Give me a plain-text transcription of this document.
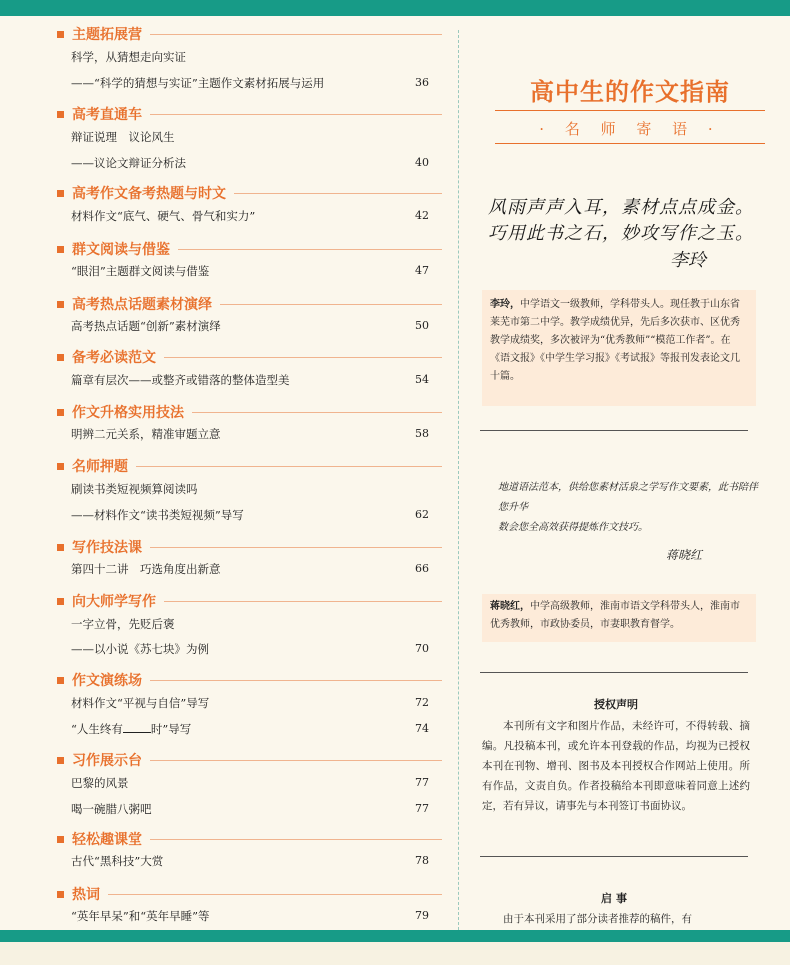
主题拓展营
科学，从猜想走向实证
——“科学的猜想与实证”主题作文素材拓展与运用	36
高考直通车
辩证说理　议论风生
——议论文辩证分析法	40
高考作文备考热题与时文
材料作文“底气、硬气、骨气和实力”	42
群文阅读与借鉴
“眼泪”主题群文阅读与借鉴	47
高考热点话题素材演绎
高考热点话题“创新”素材演绎	50
备考必读范文
篇章有层次——或整齐或错落的整体造型美	54
作文升格实用技法
明辨二元关系，精准审题立意	58
名师押题
刷读书类短视频算阅读吗
——材料作文“读书类短视频”导写	62
写作技法课
第四十二讲　巧选角度出新意	66
向大师学写作
一字立骨，先贬后褒
——以小说《苏七块》为例	70
作文演练场
材料作文“平视与自信”导写	72
“人生终有 时”导写	74
习作展示台
巴黎的风景	77
喝一碗腊八粥吧	77
轻松趣课堂
古代“黑科技”大赏	78
热词
“英年早呆”和“英年早睡”等	79
高中生的作文指南
· 名 师 寄 语 ·
风雨声声入耳，素材点点成金。
巧用此书之石，妙攻写作之玉。
李玲
李玲，中学语文一级教师，学科带头人。现任教于山东省莱芜市第二中学。教学成绩优异，先后多次获市、区优秀教学成绩奖，多次被评为“优秀教师”“模范工作者”。在《语文报》《中学生学习报》《考试报》等报刊发表论文几十篇。
地道语法范本，供给您素材活泉之学写作文要素，此书陪伴您升华
数会您全高效获得提炼作文技巧。
蒋晓红
蒋晓红，中学高级教师，淮南市语文学科带头人，淮南市优秀教师，市政协委员，市妻职教育督学。
授权声明
本刊所有文字和图片作品，未经许可，不得转载、摘编。凡投稿本刊，或允许本刊登载的作品，均视为已授权本刊在刊物、增刊、图书及本刊授权合作网站上使用。所有作品，文责自负。作者投稿给本刊即意味着同意上述约定，若有异议，请事先与本刊签订书面协议。
启事
由于本刊采用了部分读者推荐的稿件，有
